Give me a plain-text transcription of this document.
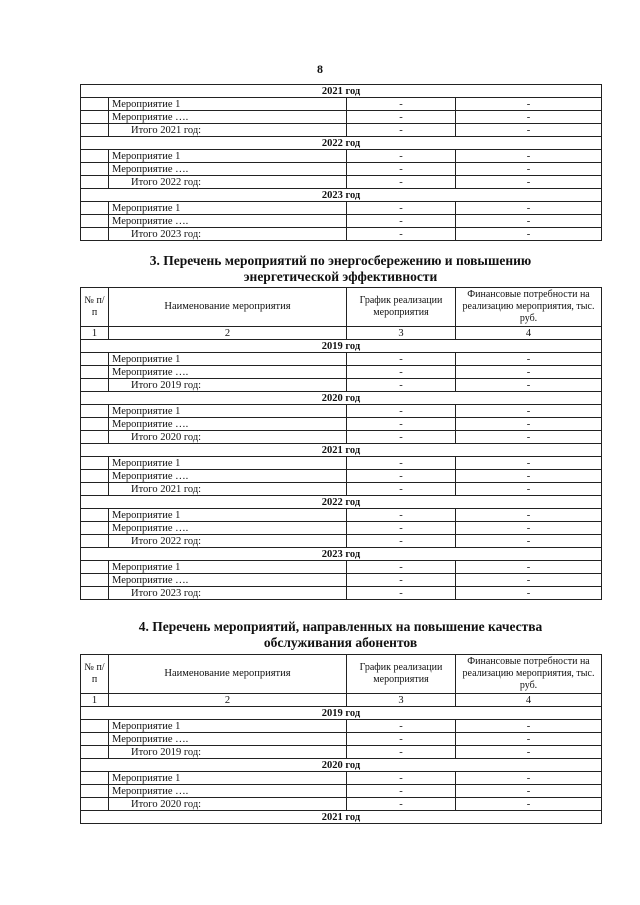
8
2021 год			
	Мероприятие 1	-	-
	Мероприятие ….	-	-
	Итого 2021 год:	-	-
2022 год			
	Мероприятие 1	-	-
	Мероприятие ….	-	-
	Итого 2022 год:	-	-
2023 год			
	Мероприятие 1	-	-
	Мероприятие ….	-	-
	Итого 2023 год:	-	-
3. Перечень мероприятий по энергосбережению и повышению
энергетической эффективности
№ п/п	Наименование мероприятия	График реализации мероприятия	Финансовые потребности на реализацию мероприятия, тыс. руб.
1	2	3	4
2019 год			
	Мероприятие 1	-	-
	Мероприятие ….	-	-
	Итого 2019 год:	-	-
2020 год			
	Мероприятие 1	-	-
	Мероприятие ….	-	-
	Итого 2020 год:	-	-
2021 год			
	Мероприятие 1	-	-
	Мероприятие ….	-	-
	Итого 2021 год:	-	-
2022 год			
	Мероприятие 1	-	-
	Мероприятие ….	-	-
	Итого 2022 год:	-	-
2023 год			
	Мероприятие 1	-	-
	Мероприятие ….	-	-
	Итого 2023 год:	-	-
4. Перечень мероприятий, направленных на повышение качества
обслуживания абонентов
№ п/п	Наименование мероприятия	График реализации мероприятия	Финансовые потребности на реализацию мероприятия, тыс. руб.
1	2	3	4
2019 год			
	Мероприятие 1	-	-
	Мероприятие ….	-	-
	Итого 2019 год:	-	-
2020 год			
	Мероприятие 1	-	-
	Мероприятие ….	-	-
	Итого 2020 год:	-	-
2021 год			
